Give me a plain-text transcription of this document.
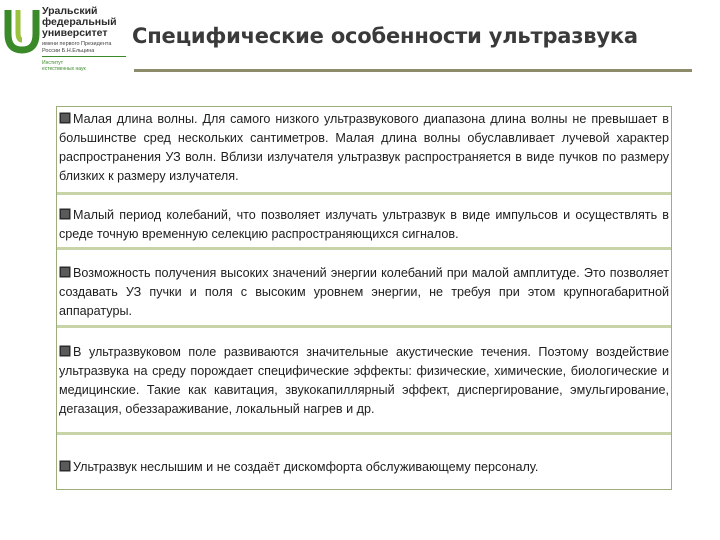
Уральский
федеральный
университет
имени первого Президента
России Б.Н.Ельцина
Институт
естественных наук
Специфические особенности ультразвука
Малая длина волны. Для самого низкого ультразвукового диапазона длина волны не превышает в большинстве сред нескольких сантиметров. Малая длина волны обуславливает лучевой характер распространения УЗ волн. Вблизи излучателя ультразвук распространяется в виде пучков по размеру близких к размеру излучателя.
Малый период колебаний, что позволяет излучать ультразвук в виде импульсов и осуществлять в среде точную временную селекцию распространяющихся сигналов.
Возможность получения высоких значений энергии колебаний при малой амплитуде. Это позволяет создавать УЗ пучки и поля с высоким уровнем энергии, не требуя при этом крупногабаритной аппаратуры.
В ультразвуковом поле развиваются значительные акустические течения. Поэтому воздействие ультразвука на среду порождает специфические эффекты: физические, химические, биологические и медицинские. Такие как кавитация, звукокапиллярный эффект, диспергирование, эмульгирование, дегазация, обеззараживание, локальный нагрев и др.
Ультразвук неслышим и не создаёт дискомфорта обслуживающему персоналу.
